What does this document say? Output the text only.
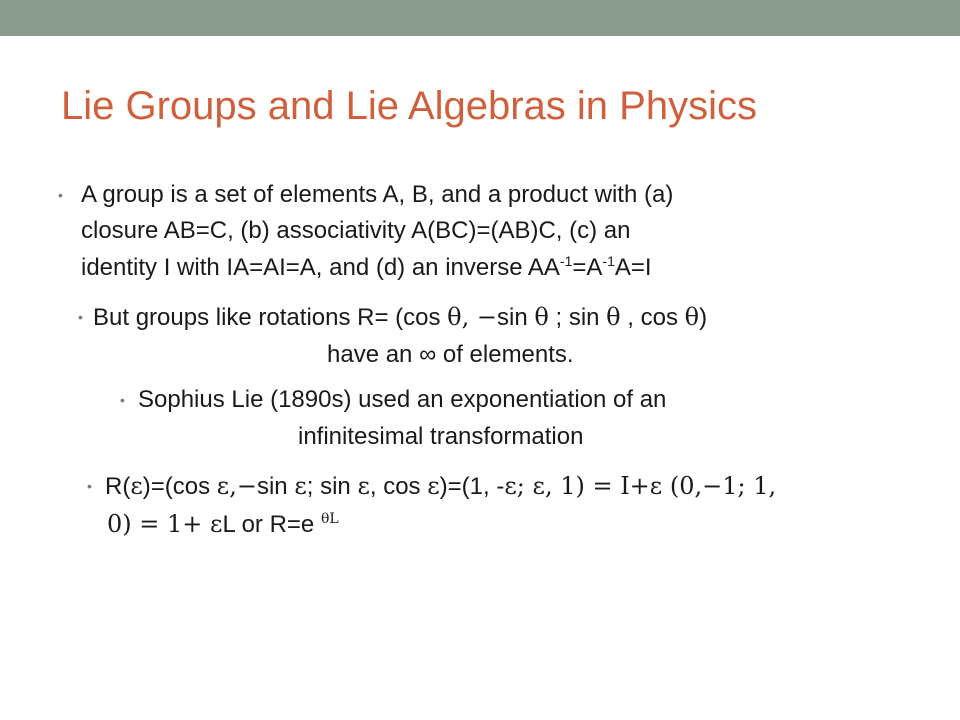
Lie Groups and Lie Algebras in Physics
• A group is a set of elements A, B, and a product with (a)
closure AB=C, (b) associativity A(BC)=(AB)C, (c) an
identity I with IA=AI=A, and (d) an inverse $AA^{-1}=A^{-1}A=I$
• But groups like rotations R= (cos θ, −sin θ ; sin θ , cos θ)
have an ∞ of elements.
• Sophius Lie (1890s) used an exponentiation of an
infinitesimal transformation
• R(ε)=(cos ε,−sin ε; sin ε, cos ε)=(1, -ε; ε, 1) = I+ε (0,−1; 1,
0) = 1+ εL or R=e $^{\theta L}$
